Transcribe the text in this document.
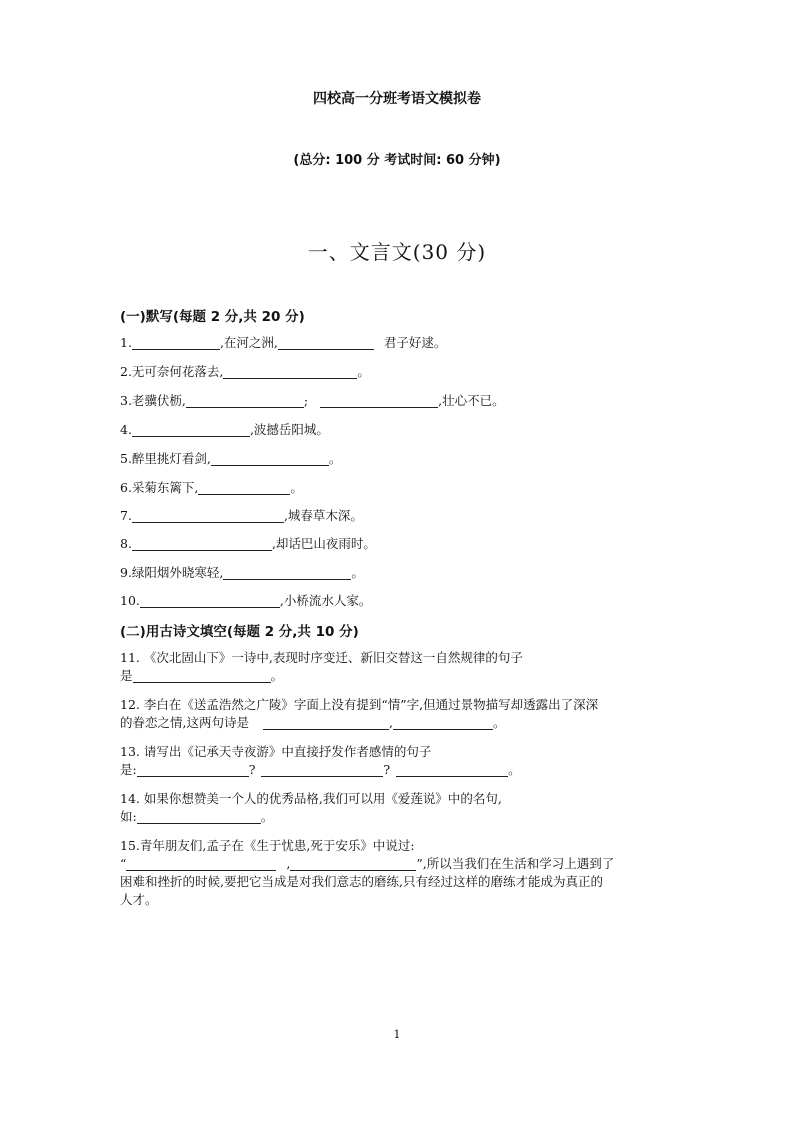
四校高一分班考语文模拟卷
(总分: 100 分 考试时间: 60 分钟)
一、文言文(30 分)
(一)默写(每题 2 分,共 20 分)
1.	,在河之洲,	君子好逑。
2.无可奈何花落去,	。
3.老骥伏枥,	;	,壮心不已。
4.	,波撼岳阳城。
5.醉里挑灯看剑,	。
6.采菊东篱下,	。
7.	,城春草木深。
8.	,却话巴山夜雨时。
9.绿阳烟外晓寒轻,	。
10.	,小桥流水人家。
(二)用古诗文填空(每题 2 分,共 10 分)
11. 《次北固山下》一诗中,表现时序变迁、新旧交替这一自然规律的句子
是	。
12. 李白在《送孟浩然之广陵》字面上没有提到“情”字,但通过景物描写却透露出了深深
的眷恋之情,这两句诗是	,	。
13. 请写出《记承天寺夜游》中直接抒发作者感情的句子
是:	?	?	。
14. 如果你想赞美一个人的优秀品格,我们可以用《爱莲说》中的名句,
如:	。
15.青年朋友们,孟子在《生于忧患,死于安乐》中说过:
“	,	”,所以当我们在生活和学习上遇到了
困难和挫折的时候,要把它当成是对我们意志的磨练,只有经过这样的磨练才能成为真正的
人才。
1
